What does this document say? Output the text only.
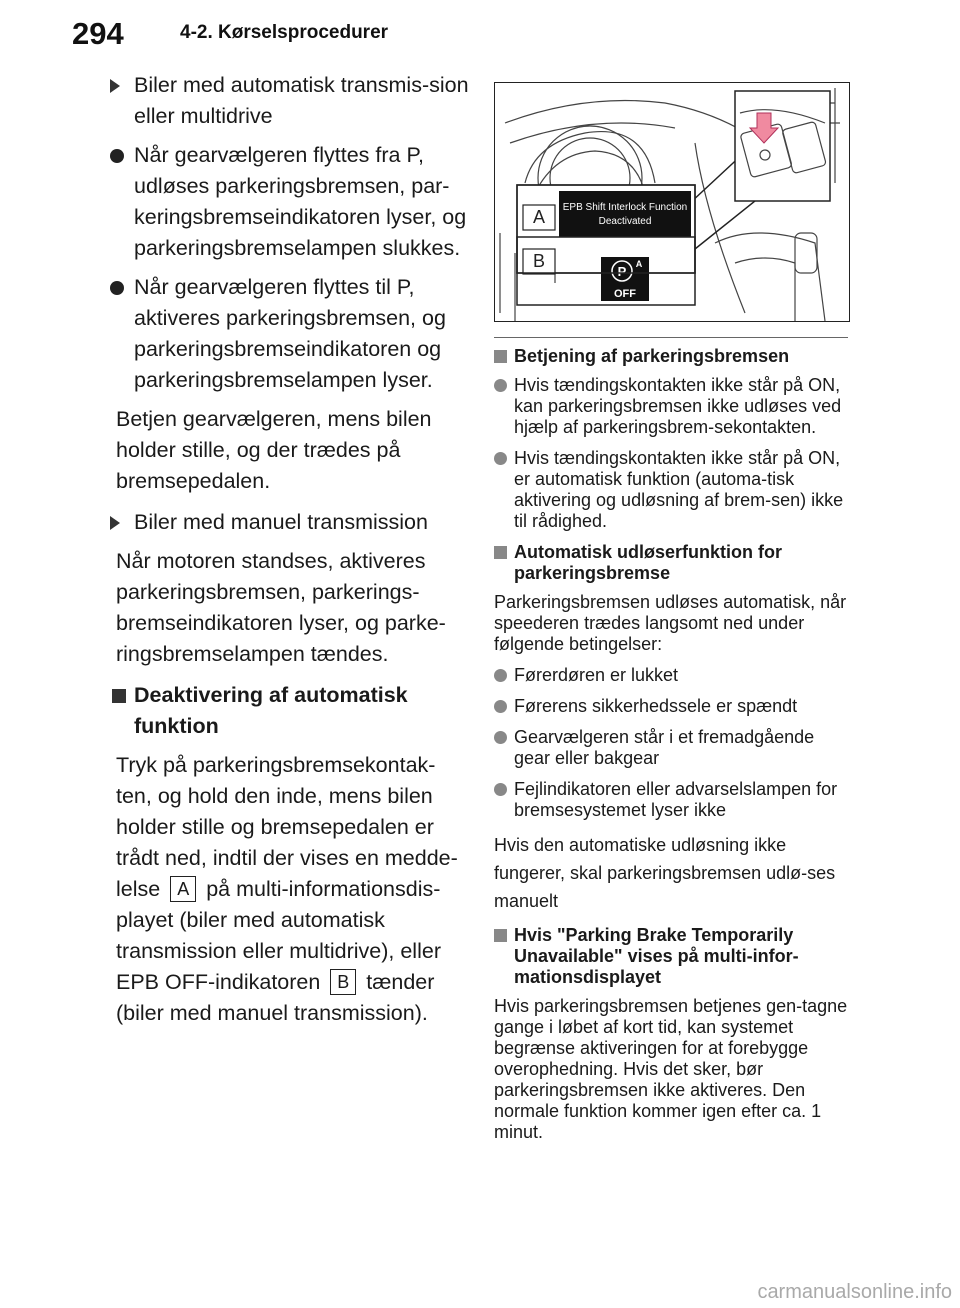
294	4-2. Kørselsprocedurer
Biler med automatisk transmis-sion eller multidrive
Når gearvælgeren flyttes fra P, udløses parkeringsbremsen, par-keringsbremseindikatoren lyser, og parkeringsbremselampen slukkes.
Når gearvælgeren flyttes til P, aktiveres parkeringsbremsen, og parkeringsbremseindikatoren og parkeringsbremselampen lyser.
Betjen gearvælgeren, mens bilen holder stille, og der trædes på bremsepedalen.
Biler med manuel transmission
Når motoren standses, aktiveres parkeringsbremsen, parkerings-bremseindikatoren lyser, og parke-ringsbremselampen tændes.
Deaktivering af automatisk funktion
Tryk på parkeringsbremsekontak-ten, og hold den inde, mens bilen holder stille og bremsepedalen er trådt ned, indtil der vises en medde-lelse A på multi-informationsdis-playet (biler med automatisk transmission eller multidrive), eller EPB OFF-indikatoren B tænder (biler med manuel transmission).
A EPB Shift Interlock Function
Deactivated
B
P A
OFF
Betjening af parkeringsbremsen
Hvis tændingskontakten ikke står på ON, kan parkeringsbremsen ikke udløses ved hjælp af parkeringsbrem-sekontakten.
Hvis tændingskontakten ikke står på ON, er automatisk funktion (automa-tisk aktivering og udløsning af brem-sen) ikke til rådighed.
Automatisk udløserfunktion for parkeringsbremse
Parkeringsbremsen udløses automatisk, når speederen trædes langsomt ned under følgende betingelser:
Førerdøren er lukket
Førerens sikkerhedssele er spændt
Gearvælgeren står i et fremadgående gear eller bakgear
Fejlindikatoren eller advarselslampen for bremsesystemet lyser ikke
Hvis den automatiske udløsning ikke fungerer, skal parkeringsbremsen udlø-ses manuelt
Hvis "Parking Brake Temporarily Unavailable" vises på multi-infor-mationsdisplayet
Hvis parkeringsbremsen betjenes gen-tagne gange i løbet af kort tid, kan systemet begrænse aktiveringen for at forebygge overophedning. Hvis det sker, bør parkeringsbremsen ikke aktiveres. Den normale funktion kommer igen efter ca. 1 minut.
carmanualsonline.info
